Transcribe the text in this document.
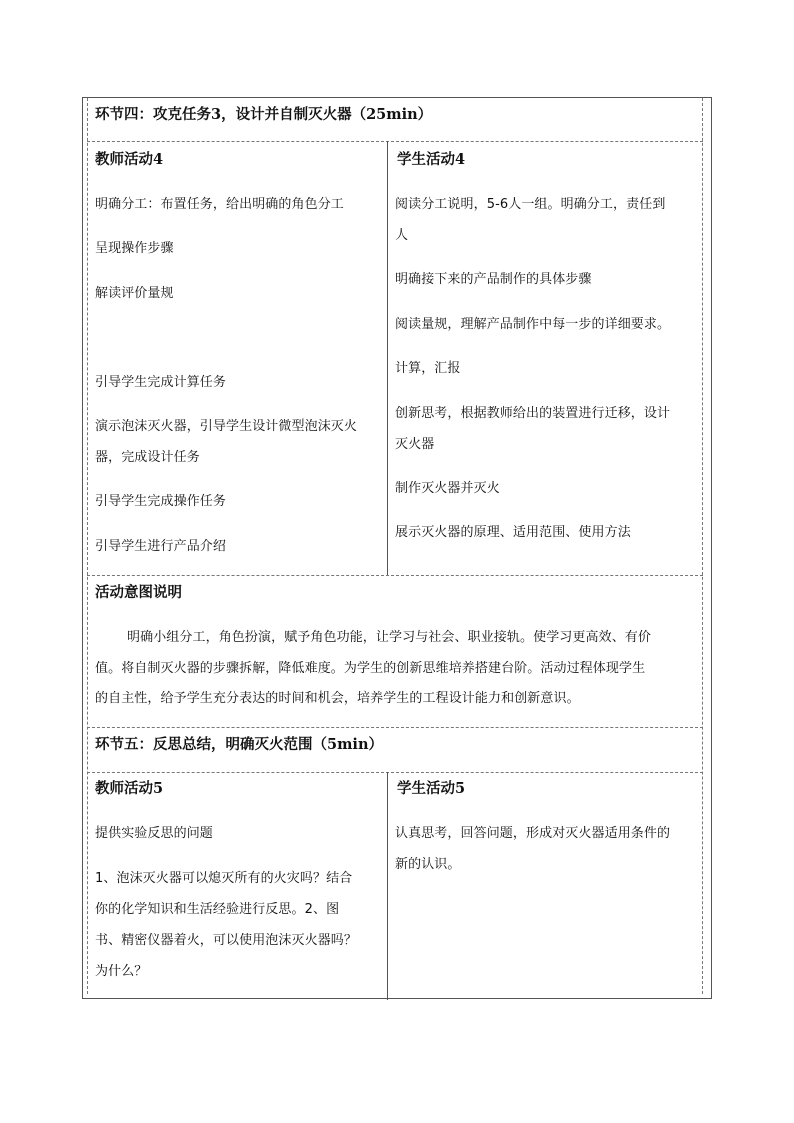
环节四：攻克任务3，设计并自制灭火器（25min）
教师活动4	学生活动4
明确分工：布置任务，给出明确的角色分工
呈现操作步骤
解读评价量规
引导学生完成计算任务
演示泡沫灭火器，引导学生设计微型泡沫灭火
器，完成设计任务
引导学生完成操作任务
引导学生进行产品介绍
阅读分工说明，5-6人一组。明确分工，责任到
人
明确接下来的产品制作的具体步骤
阅读量规，理解产品制作中每一步的详细要求。
计算，汇报
创新思考，根据教师给出的装置进行迁移，设计
灭火器
制作灭火器并灭火
展示灭火器的原理、适用范围、使用方法
活动意图说明
明确小组分工，角色扮演，赋予角色功能，让学习与社会、职业接轨。使学习更高效、有价
值。将自制灭火器的步骤拆解，降低难度。为学生的创新思维培养搭建台阶。活动过程体现学生
的自主性，给予学生充分表达的时间和机会，培养学生的工程设计能力和创新意识。
环节五：反思总结，明确灭火范围（5min）
教师活动5	学生活动5
提供实验反思的问题
1、泡沫灭火器可以熄灭所有的火灾吗？结合
你的化学知识和生活经验进行反思。2、图
书、精密仪器着火，可以使用泡沫灭火器吗？
为什么？
认真思考，回答问题，形成对灭火器适用条件的
新的认识。
